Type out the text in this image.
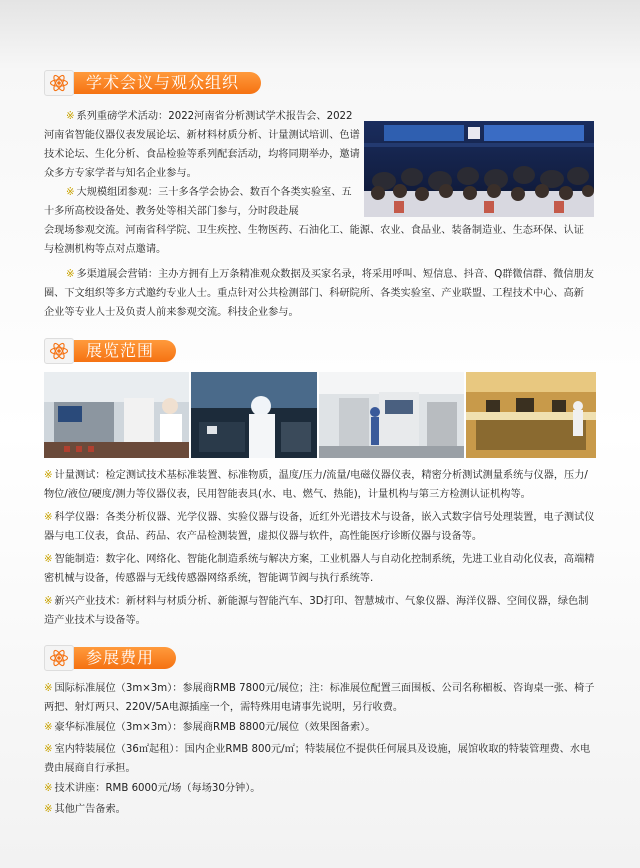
学术会议与观众组织
※ 系列重磅学术活动：2022河南省分析测试学术报告会、2022河南省智能仪器仪表发展论坛、新材料材质分析、计量测试培训、色谱技术论坛、生化分析、食品检验等系列配套活动，均将同期举办，邀请众多方专家学者与知名企业参与。
※ 大规模组团参观：三十多各学会协会、数百个各类实验室、五十多所高校设备处、教务处等相关部门参与，分时段赴展
会现场参观交流。河南省科学院、卫生疾控、生物医药、石油化工、能源、农业、食品业、装备制造业、生态环保、认证与检测机构等点对点邀请。
※ 多渠道展会营销：主办方拥有上万条精准观众数据及买家名录，将采用呼叫、短信息、抖音、Q群微信群、微信朋友圈、下文组织等多方式邀约专业人士。重点针对公共检测部门、科研院所、各类实验室、产业联盟、工程技术中心、高新企业等专业人士及负责人前来参观交流。科技企业参与。
展览范围
※ 计量测试：检定测试技术基标准装置、标准物质，温度/压力/流量/电磁仪器仪表，精密分析测试测量系统与仪器，压力/物位/液位/硬度/测力等仪器仪表，民用智能表具(水、电、燃气、热能)，计量机构与第三方检测认证机构等。
※ 科学仪器：各类分析仪器、光学仪器、实验仪器与设备，近红外光谱技术与设备，嵌入式数字信号处理装置，电子测试仪器与电工仪表，食品、药品、农产品检测装置，虚拟仪器与软件，高性能医疗诊断仪器与设备等。
※ 智能制造：数字化、网络化、智能化制造系统与解决方案，工业机器人与自动化控制系统，先进工业自动化仪表，高端精密机械与设备，传感器与无线传感器网络系统，智能调节阀与执行系统等.
※ 新兴产业技术：新材料与材质分析、新能源与智能汽车、3D打印、智慧城市、气象仪器、海洋仪器、空间仪器，绿色制造产业技术与设备等。
参展费用
※ 国际标准展位（3m×3m）：参展商RMB 7800元/展位；注：标准展位配置三面围板、公司名称楣板、咨询桌一张、椅子两把、射灯两只、220V/5A电源插座一个，需特殊用电请事先说明，另行收费。
※ 豪华标准展位（3m×3m）：参展商RMB 8800元/展位（效果图备索）。
※ 室内特装展位（36㎡起租）：国内企业RMB 800元/㎡；特装展位不提供任何展具及设施，展馆收取的特装管理费、水电费由展商自行承担。
※ 技术讲座：RMB 6000元/场（每场30分钟）。
※ 其他广告备索。
